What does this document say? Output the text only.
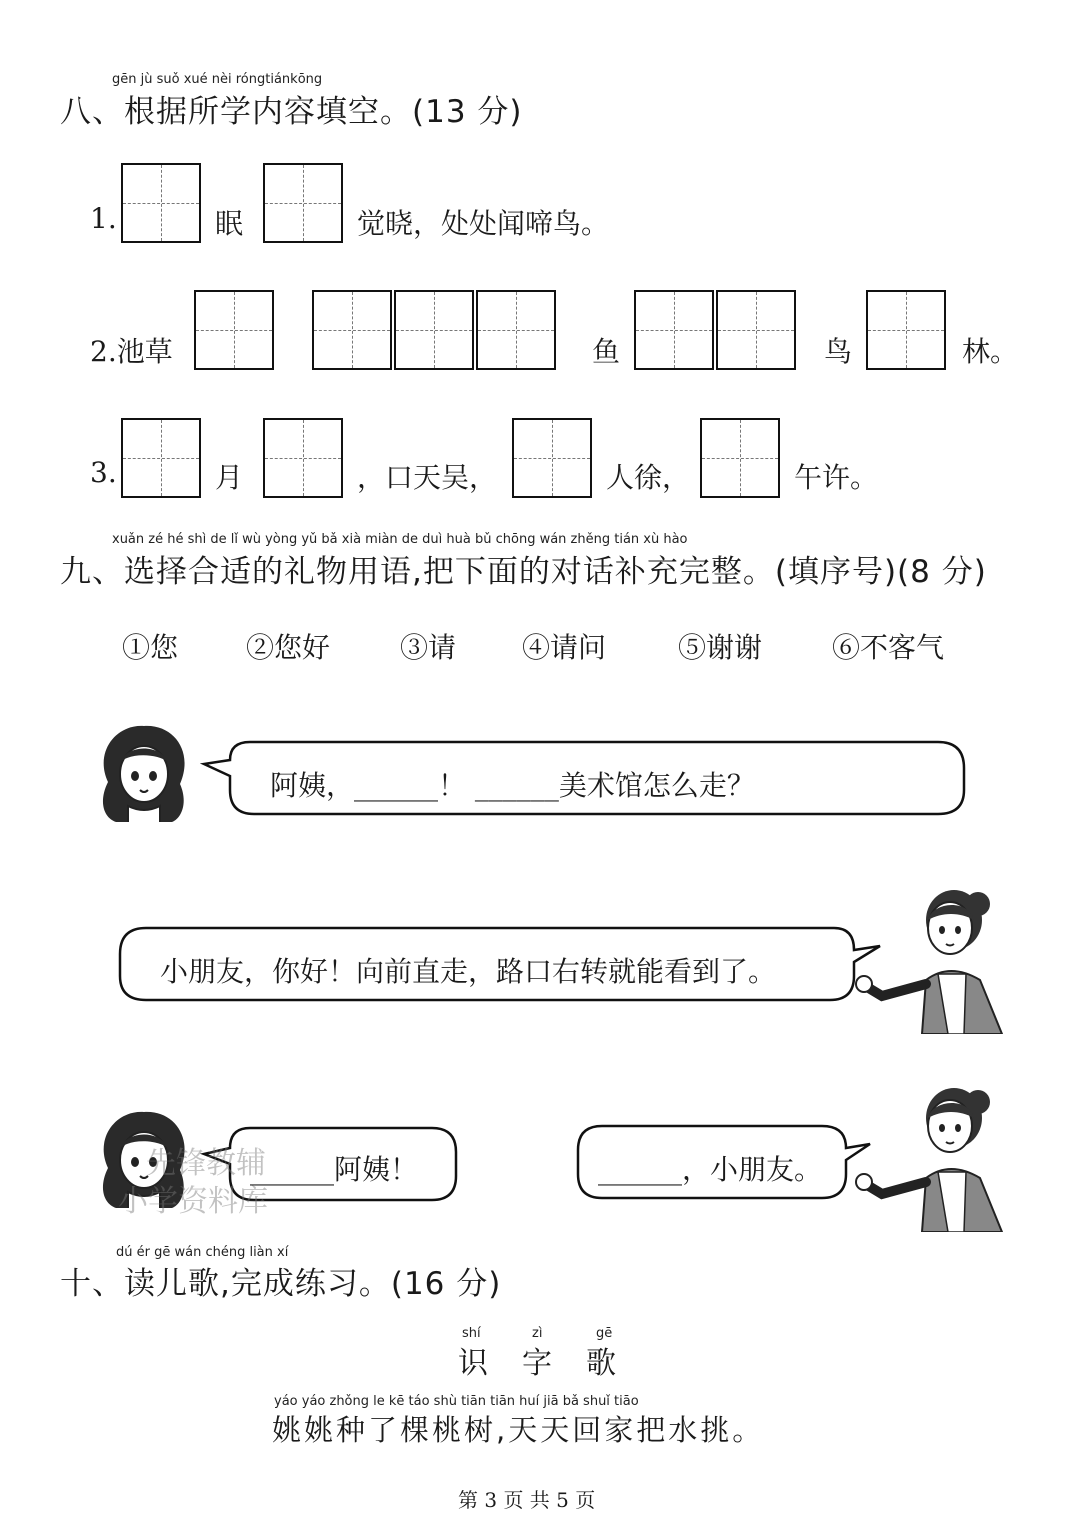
gēn jù suǒ xué nèi róngtiánkōng
八、根据所学内容填空。(13 分)
1.	眠	觉晓，处处闻啼鸟。
2.池草	鱼	鸟	林。
3.	月	，口天吴，	人徐，	午许。
xuǎn zé hé shì de lǐ wù yòng yǔ bǎ xià miàn de duì huà bǔ chōng wán zhěng tián xù hào
九、选择合适的礼物用语,把下面的对话补充完整。(填序号)(8 分)
①您 ②您好 ③请 ④请问	⑤谢谢 ⑥不客气
阿姨，______！ ______美术馆怎么走？
小朋友，你好！向前直走，路口右转就能看到了。
______阿姨！
先锋教辅
小学资料库
______，小朋友。
dú ér gē wán chéng liàn xí
十、读儿歌,完成练习。(16 分)
shí	zì	gē
识字歌
yáo yáo zhǒng le kē táo shù tiān tiān huí jiā bǎ shuǐ tiāo
姚姚种了棵桃树,天天回家把水挑。
第 3 页 共 5 页
